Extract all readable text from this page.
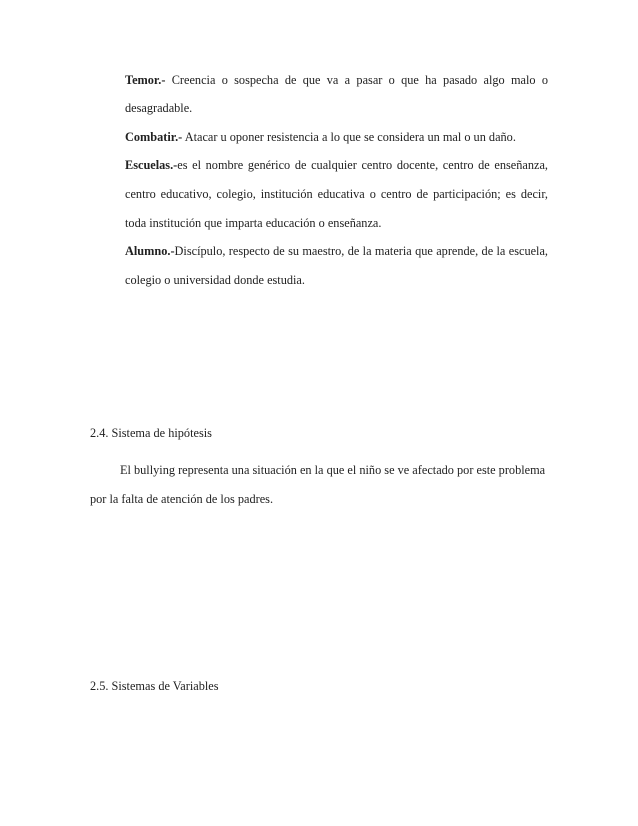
Temor.- Creencia o sospecha de que va a pasar o que ha pasado algo malo o
desagradable.
Combatir.- Atacar u oponer resistencia a lo que se considera un mal o un daño.
Escuelas.-es el nombre genérico de cualquier centro docente, centro de enseñanza,
centro educativo, colegio, institución educativa o centro de participación; es decir,
toda institución que imparta educación o enseñanza.
Alumno.-Discípulo, respecto de su maestro, de la materia que aprende, de la escuela,
colegio o universidad donde estudia.
2.4. Sistema de hipótesis
El bullying representa una situación en la que el niño se ve afectado por este problema
por la falta de atención de los padres.
2.5. Sistemas de Variables
